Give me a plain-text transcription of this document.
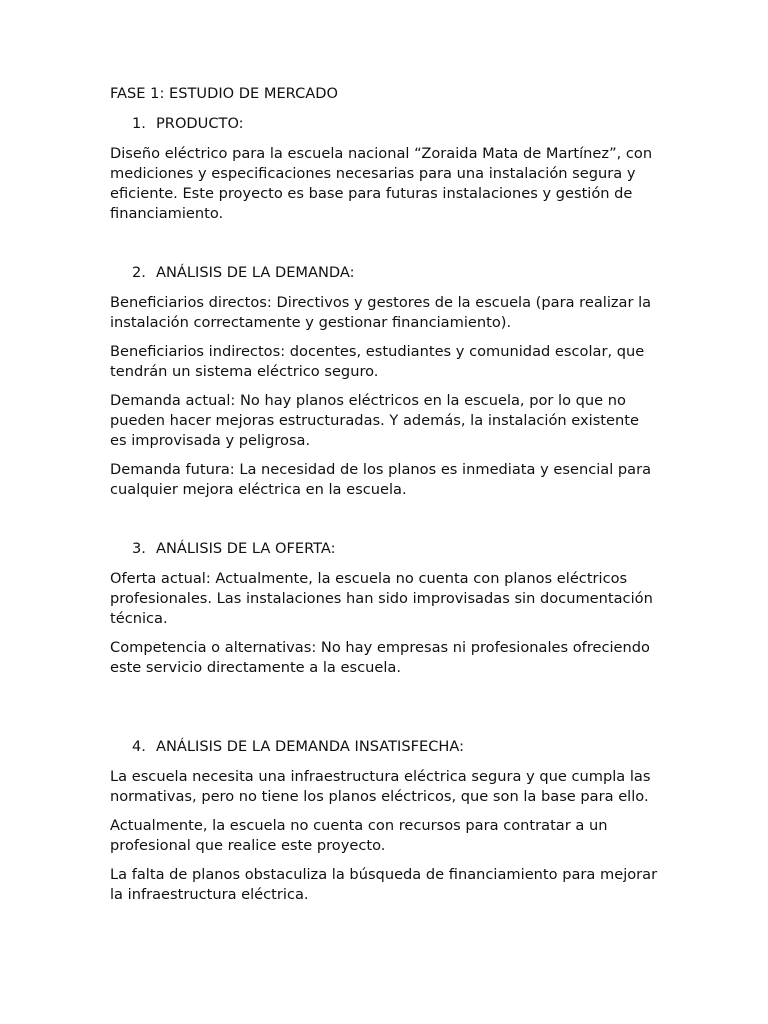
FASE 1: ESTUDIO DE MERCADO
1. PRODUCTO:

Diseño eléctrico para la escuela nacional “Zoraida Mata de Martínez”, con mediciones y especificaciones necesarias para una instalación segura y eficiente. Este proyecto es base para futuras instalaciones y gestión de financiamiento.

2. ANÁLISIS DE LA DEMANDA:

Beneficiarios directos: Directivos y gestores de la escuela (para realizar la instalación correctamente y gestionar financiamiento).

Beneficiarios indirectos: docentes, estudiantes y comunidad escolar, que tendrán un sistema eléctrico seguro.

Demanda actual: No hay planos eléctricos en la escuela, por lo que no pueden hacer mejoras estructuradas. Y además, la instalación existente es improvisada y peligrosa.

Demanda futura: La necesidad de los planos es inmediata y esencial para cualquier mejora eléctrica en la escuela.

3. ANÁLISIS DE LA OFERTA:

Oferta actual: Actualmente, la escuela no cuenta con planos eléctricos profesionales. Las instalaciones han sido improvisadas sin documentación técnica.

Competencia o alternativas: No hay empresas ni profesionales ofreciendo este servicio directamente a la escuela.

4. ANÁLISIS DE LA DEMANDA INSATISFECHA:

La escuela necesita una infraestructura eléctrica segura y que cumpla las normativas, pero no tiene los planos eléctricos, que son la base para ello.

Actualmente, la escuela no cuenta con recursos para contratar a un profesional que realice este proyecto.

La falta de planos obstaculiza la búsqueda de financiamiento para mejorar la infraestructura eléctrica.
